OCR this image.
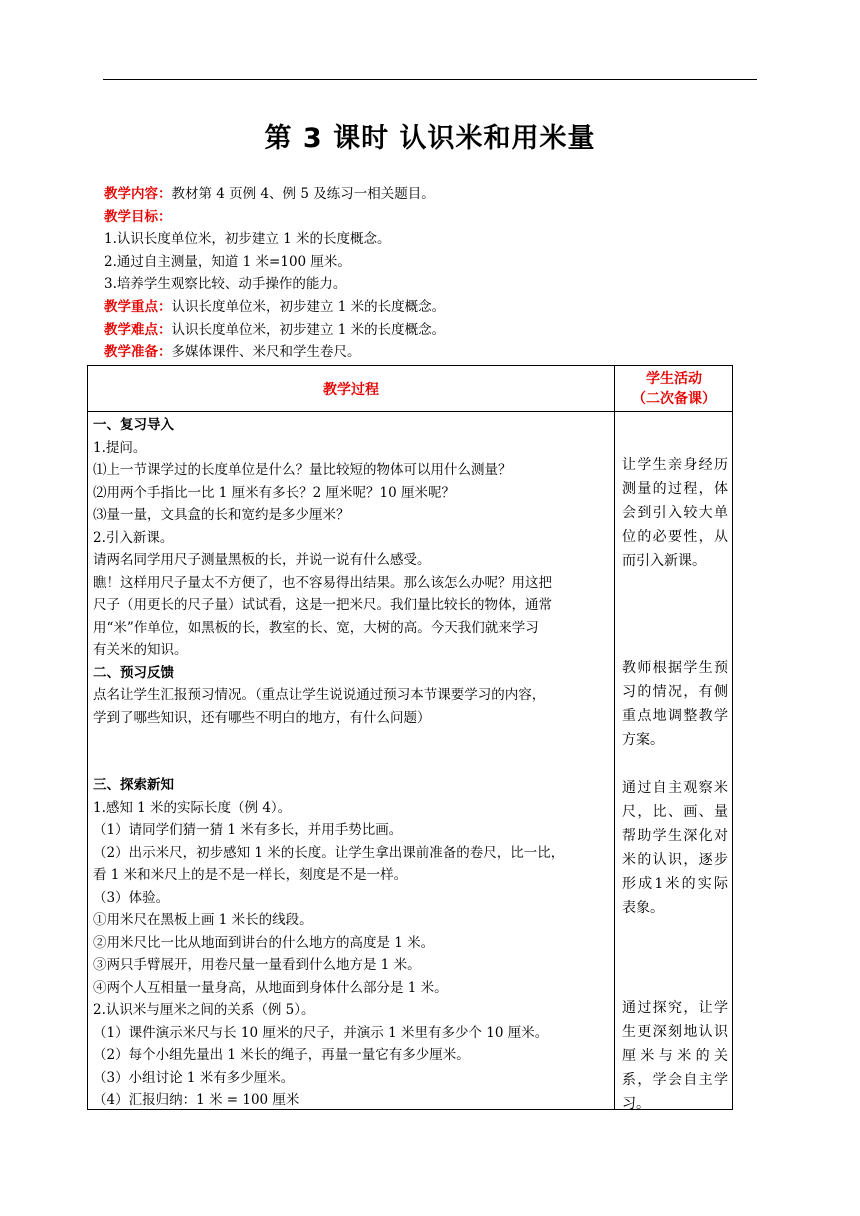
第 3 课时 认识米和用米量
教学内容：教材第 4 页例 4、例 5 及练习一相关题目。
教学目标：
1.认识长度单位米，初步建立 1 米的长度概念。
2.通过自主测量，知道 1 米=100 厘米。
3.培养学生观察比较、动手操作的能力。
教学重点：认识长度单位米，初步建立 1 米的长度概念。
教学难点：认识长度单位米，初步建立 1 米的长度概念。
教学准备：多媒体课件、米尺和学生卷尺。
教学过程
学生活动
（二次备课）
一、复习导入
1.提问。
⑴上一节课学过的长度单位是什么？量比较短的物体可以用什么测量？
⑵用两个手指比一比 1 厘米有多长？2 厘米呢？10 厘米呢？
⑶量一量，文具盒的长和宽约是多少厘米？
2.引入新课。
请两名同学用尺子测量黑板的长，并说一说有什么感受。
瞧！这样用尺子量太不方便了，也不容易得出结果。那么该怎么办呢？用这把
尺子（用更长的尺子量）试试看，这是一把米尺。我们量比较长的物体，通常
用“米”作单位，如黑板的长，教室的长、宽，大树的高。今天我们就来学习
有关米的知识。
二、预习反馈
点名让学生汇报预习情况。（重点让学生说说通过预习本节课要学习的内容，
学到了哪些知识，还有哪些不明白的地方，有什么问题）
三、探索新知
1.感知 1 米的实际长度（例 4）。
（1）请同学们猜一猜 1 米有多长，并用手势比画。
（2）出示米尺，初步感知 1 米的长度。让学生拿出课前准备的卷尺，比一比，
看 1 米和米尺上的是不是一样长，刻度是不是一样。
（3）体验。
①用米尺在黑板上画 1 米长的线段。
②用米尺比一比从地面到讲台的什么地方的高度是 1 米。
③两只手臂展开，用卷尺量一量看到什么地方是 1 米。
④两个人互相量一量身高，从地面到身体什么部分是 1 米。
2.认识米与厘米之间的关系（例 5）。
（1）课件演示米尺与长 10 厘米的尺子，并演示 1 米里有多少个 10 厘米。
（2）每个小组先量出 1 米长的绳子，再量一量它有多少厘米。
（3）小组讨论 1 米有多少厘米。
（4）汇报归纳：1 米 = 100 厘米
让学生亲身经历测量的过程，体会到引入较大单位的必要性，从而引入新课。
教师根据学生预习的情况，有侧重点地调整教学方案。
通过自主观察米尺，比、画、量帮助学生深化对米的认识，逐步形成1米的实际表象。
通过探究，让学生更深刻地认识厘米与米的关系，学会自主学习。
